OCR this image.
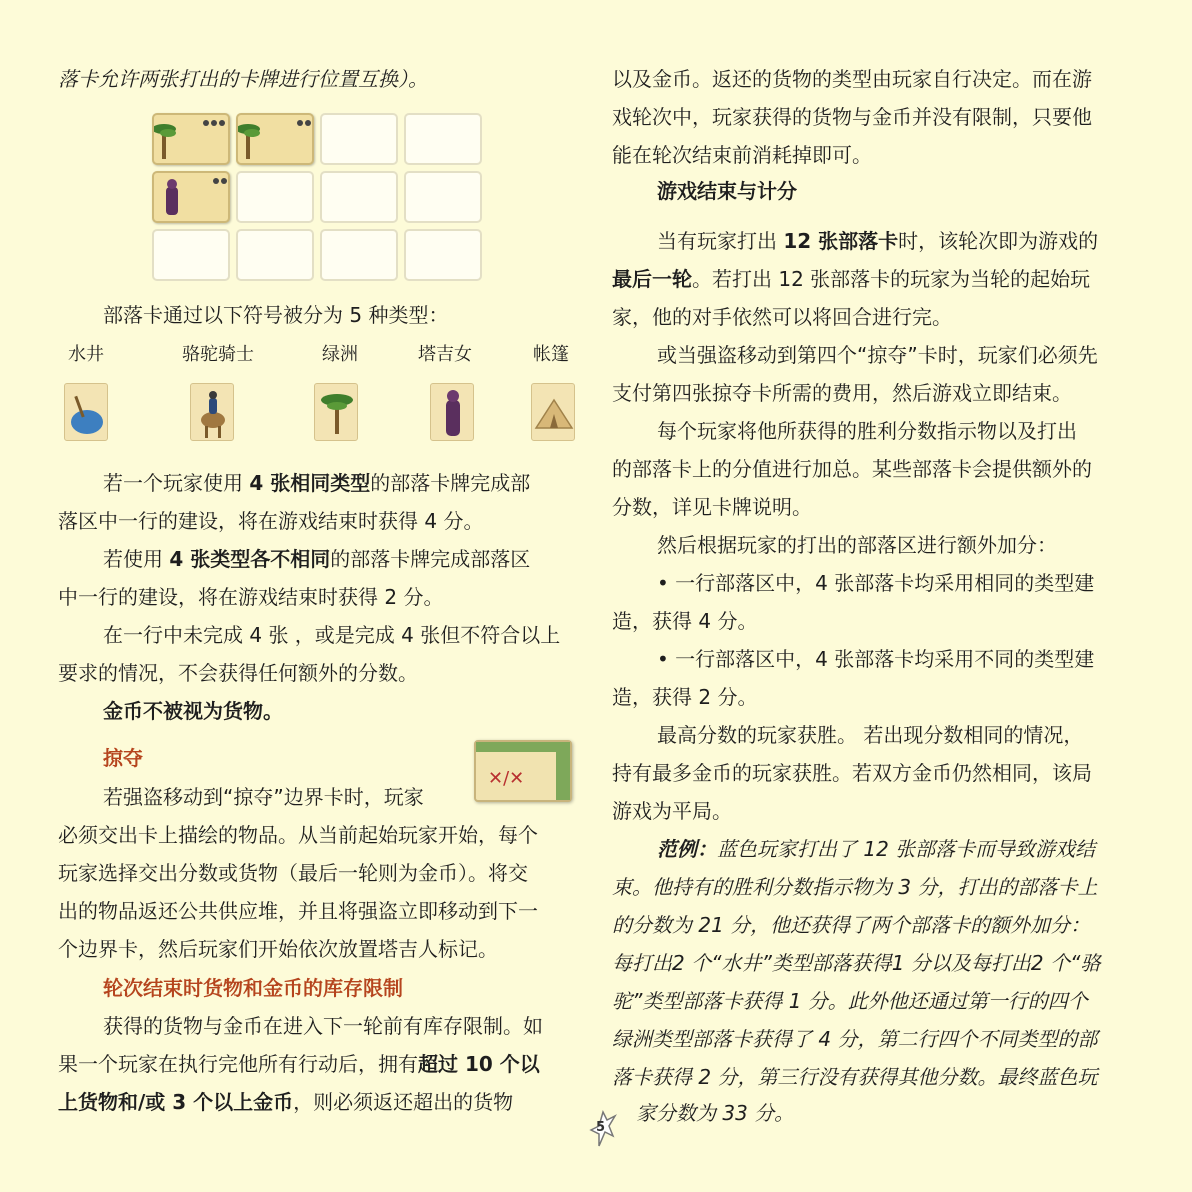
落卡允许两张打出的卡牌进行位置互换）。
部落卡通过以下符号被分为 5 种类型：
若一个玩家使用 4 张相同类型的部落卡牌完成部
落区中一行的建设，将在游戏结束时获得 4 分。
若使用 4 张类型各不相同的部落卡牌完成部落区
中一行的建设，将在游戏结束时获得 2 分。
在一行中未完成 4 张 ，或是完成 4 张但不符合以上
要求的情况，不会获得任何额外的分数。
金币不被视为货物。
掠夺
若强盗移动到“掠夺”边界卡时，玩家
必须交出卡上描绘的物品。从当前起始玩家开始，每个
玩家选择交出分数或货物（最后一轮则为金币）。将交
出的物品返还公共供应堆，并且将强盗立即移动到下一
个边界卡，然后玩家们开始依次放置塔吉人标记。
轮次结束时货物和金币的库存限制
获得的货物与金币在进入下一轮前有库存限制。如
果一个玩家在执行完他所有行动后，拥有超过 10 个以
上货物和/或 3 个以上金币，则必须返还超出的货物
水井	骆驼骑士	绿洲	塔吉女	帐篷
✕/✕
以及金币。返还的货物的类型由玩家自行决定。而在游
戏轮次中，玩家获得的货物与金币并没有限制，只要他
能在轮次结束前消耗掉即可。
游戏结束与计分
当有玩家打出 12 张部落卡时，该轮次即为游戏的
最后一轮。若打出 12 张部落卡的玩家为当轮的起始玩
家，他的对手依然可以将回合进行完。
或当强盗移动到第四个“掠夺”卡时，玩家们必须先
支付第四张掠夺卡所需的费用，然后游戏立即结束。
每个玩家将他所获得的胜利分数指示物以及打出
的部落卡上的分值进行加总。某些部落卡会提供额外的
分数，详见卡牌说明。
然后根据玩家的打出的部落区进行额外加分：
• 一行部落区中，4 张部落卡均采用相同的类型建
造，获得 4 分。
• 一行部落区中，4 张部落卡均采用不同的类型建
造，获得 2 分。
最高分数的玩家获胜。 若出现分数相同的情况，
持有最多金币的玩家获胜。若双方金币仍然相同，该局
游戏为平局。
范例：蓝色玩家打出了 12 张部落卡而导致游戏结
束。他持有的胜利分数指示物为 3 分，打出的部落卡上
的分数为 21 分，他还获得了两个部落卡的额外加分：
每打出2 个“水井”类型部落获得1 分以及每打出2 个“骆
驼”类型部落卡获得 1 分。此外他还通过第一行的四个
绿洲类型部落卡获得了 4 分，第二行四个不同类型的部
落卡获得 2 分，第三行没有获得其他分数。最终蓝色玩
家分数为 33 分。
5
